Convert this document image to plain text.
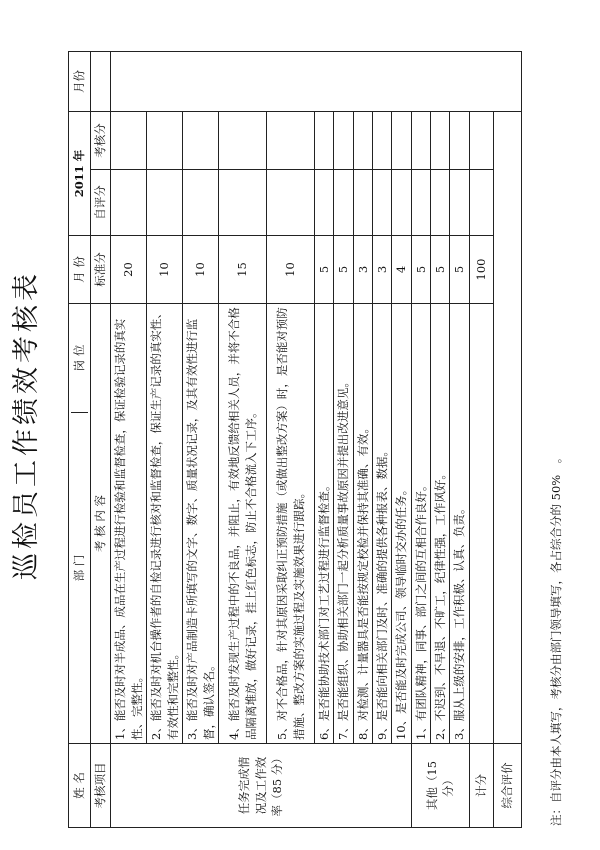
巡检员工作绩效考核表
姓 名	部 门
岗 位	月 份	2011 年		月份
考核项目	考 核 内 容	标准分	自评分	考核分	
任务完成情况及工作效率（85 分）	1、能否及时对半成品、成品在生产过程进行检验和监督检查，保证检验记录的真实性、完整性。	20			
	2、能否及时对机台操作者的自检记录进行核对和监督检查，保证生产记录的真实性、有效性和完整性。	10			
	3、能否及时对产品制造卡所填写的文字、数字、质量状况记录，及其有效性进行监督，确认签名。	10			
	4、能否及时发现生产过程中的不良品，并阻止，有效地反馈给相关人员，并将不合格品隔离堆放，做好记录，挂上红色标志，防止不合格流入下工序。	15			
	5、对不合格品，针对其原因采取纠正预防措施（或做出整改方案）时，是否能对预防措施、整改方案的实施过程及实施效果进行跟踪。	10			
	6、是否能协助技术部门对工艺过程进行监督检查。	5			
	7、是否能组织、协助相关部门一起分析质量事故原因并提出改进意见。	5			
	8、对检测、计量器具是否能按规定校检并保持其准确、有效。	3			
	9、是否能向相关部门及时、准确的提供各种报表、数据。	3			
	10、是否能及时完成公司、领导临时交办的任务。	4			
其他（15 分）	1、有团队精神，同事、部门之间的互相合作良好。	5			
	2、不迟到、不早退、不旷工，纪律性强，工作风好。	5			
	3、服从上级的安排，工作积极、认真、负责。	5			
计分		100			
综合评价						注：自评分由本人填写，考核分由部门领导填写，各占综合分的 50%　。
